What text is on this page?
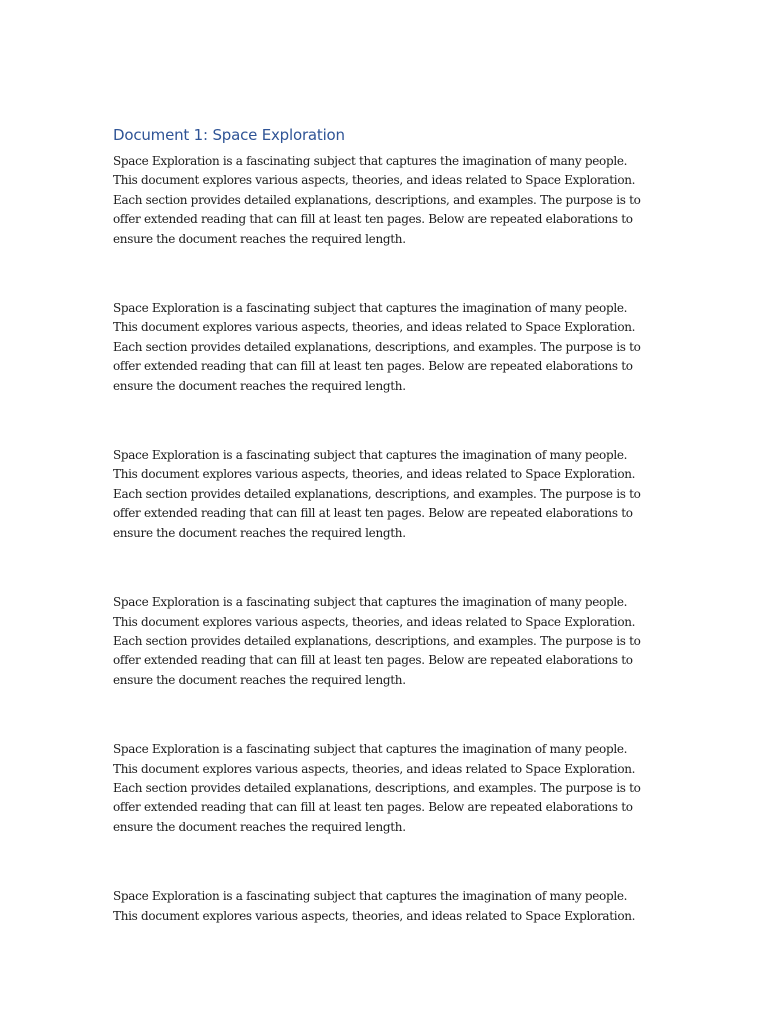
Document 1: Space Exploration

Space Exploration is a fascinating subject that captures the imagination of many people.
This document explores various aspects, theories, and ideas related to Space Exploration.
Each section provides detailed explanations, descriptions, and examples. The purpose is to
offer extended reading that can fill at least ten pages. Below are repeated elaborations to
ensure the document reaches the required length.

Space Exploration is a fascinating subject that captures the imagination of many people.
This document explores various aspects, theories, and ideas related to Space Exploration.
Each section provides detailed explanations, descriptions, and examples. The purpose is to
offer extended reading that can fill at least ten pages. Below are repeated elaborations to
ensure the document reaches the required length.

Space Exploration is a fascinating subject that captures the imagination of many people.
This document explores various aspects, theories, and ideas related to Space Exploration.
Each section provides detailed explanations, descriptions, and examples. The purpose is to
offer extended reading that can fill at least ten pages. Below are repeated elaborations to
ensure the document reaches the required length.

Space Exploration is a fascinating subject that captures the imagination of many people.
This document explores various aspects, theories, and ideas related to Space Exploration.
Each section provides detailed explanations, descriptions, and examples. The purpose is to
offer extended reading that can fill at least ten pages. Below are repeated elaborations to
ensure the document reaches the required length.

Space Exploration is a fascinating subject that captures the imagination of many people.
This document explores various aspects, theories, and ideas related to Space Exploration.
Each section provides detailed explanations, descriptions, and examples. The purpose is to
offer extended reading that can fill at least ten pages. Below are repeated elaborations to
ensure the document reaches the required length.

Space Exploration is a fascinating subject that captures the imagination of many people.
This document explores various aspects, theories, and ideas related to Space Exploration.
